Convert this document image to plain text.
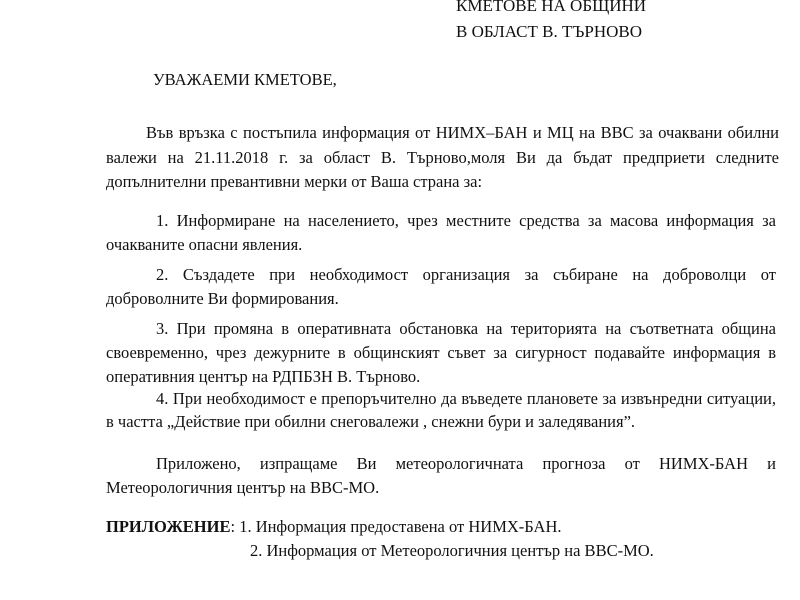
КМЕТОВЕ НА ОБЩИНИ
В ОБЛАСТ В. ТЪРНОВО
УВАЖАЕМИ КМЕТОВЕ,
Във връзка с постъпила информация от НИМХ–БАН и МЦ на ВВС за очаквани обилни
валежи на 21.11.2018 г. за област В. Търново,моля Ви да бъдат предприети следните
допълнителни превантивни мерки от Ваша страна за:
1. Информиране на населението, чрез местните средства за масова информация за
очакваните опасни явления.
2. Създадете при необходимост организация за събиране на доброволци от
доброволните Ви формирования.
3. При промяна в оперативната обстановка на територията на съответната община
своевременно, чрез дежурните в общинският съвет за сигурност подавайте информация в
оперативния център на РДПБЗН В. Търново.
4. При необходимост е препоръчително да въведете плановете за извънредни ситуации,
в частта „Действие при обилни снеговалежи , снежни бури и заледявания”.
Приложено, изпращаме Ви метеорологичната прогноза от НИМХ-БАН и
Метеорологичния център на ВВС-МО.
ПРИЛОЖЕНИЕ: 1. Информация предоставена от НИМХ-БАН.
2. Информация от Метеорологичния център на ВВС-МО.
